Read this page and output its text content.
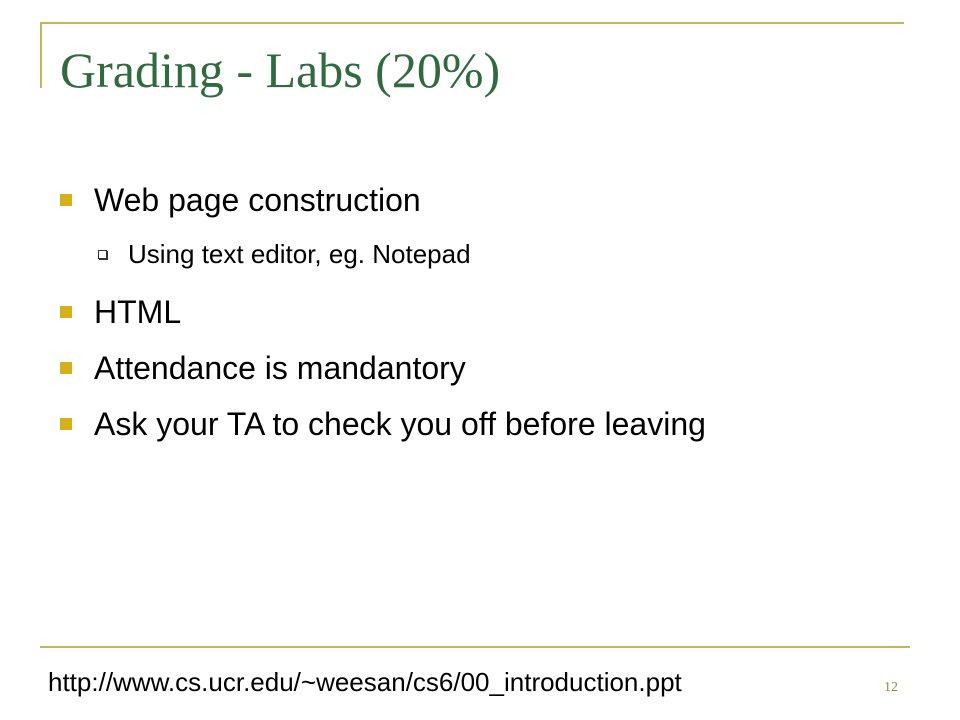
Grading - Labs (20%)
Web page construction
Using text editor, eg. Notepad
HTML
Attendance is mandantory
Ask your TA to check you off before leaving
http://www.cs.ucr.edu/~weesan/cs6/00_introduction.ppt	12
